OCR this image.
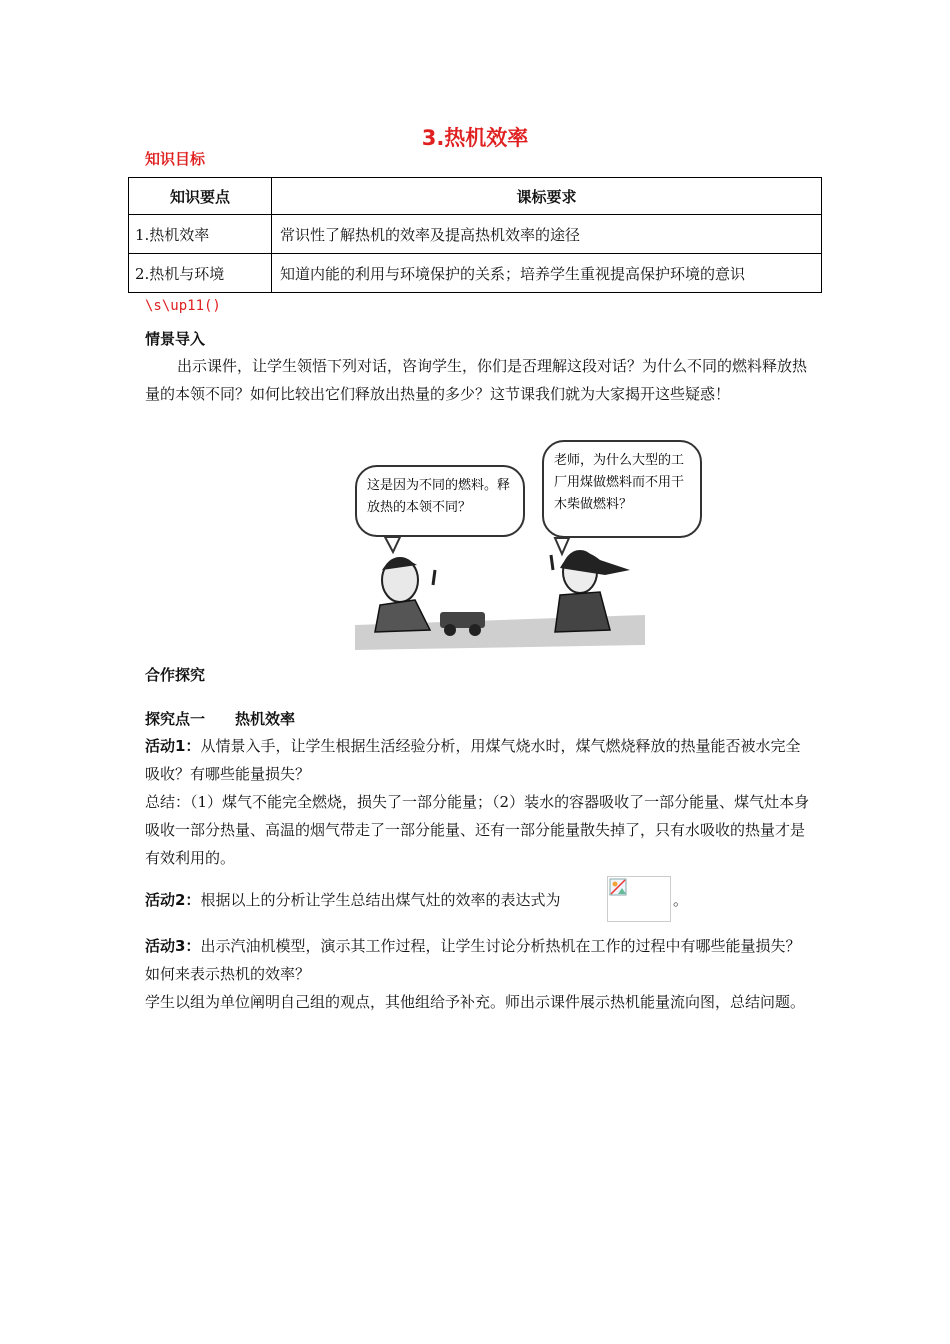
3.热机效率
知识目标
知识要点	课标要求
1.热机效率	常识性了解热机的效率及提高热机效率的途径
2.热机与环境	知道内能的利用与环境保护的关系；培养学生重视提高保护环境的意识
\s\up11()
情景导入
出示课件，让学生领悟下列对话，咨询学生，你们是否理解这段对话？为什么不同的燃料释放热量的本领不同？如何比较出它们释放出热量的多少？这节课我们就为大家揭开这些疑惑！
这是因为不同的燃料。释放热的本领不同？
老师，为什么大型的工厂用煤做燃料而不用干木柴做燃料？
合作探究
探究点一　　热机效率
活动1：从情景入手，让学生根据生活经验分析，用煤气烧水时，煤气燃烧释放的热量能否被水完全吸收？有哪些能量损失？
总结：（1）煤气不能完全燃烧，损失了一部分能量；（2）装水的容器吸收了一部分能量、煤气灶本身吸收一部分热量、高温的烟气带走了一部分能量、还有一部分能量散失掉了，只有水吸收的热量才是有效利用的。
活动2：根据以上的分析让学生总结出煤气灶的效率的表达式为	。
活动3：出示汽油机模型，演示其工作过程，让学生讨论分析热机在工作的过程中有哪些能量损失？如何来表示热机的效率？
学生以组为单位阐明自己组的观点，其他组给予补充。师出示课件展示热机能量流向图，总结问题。
